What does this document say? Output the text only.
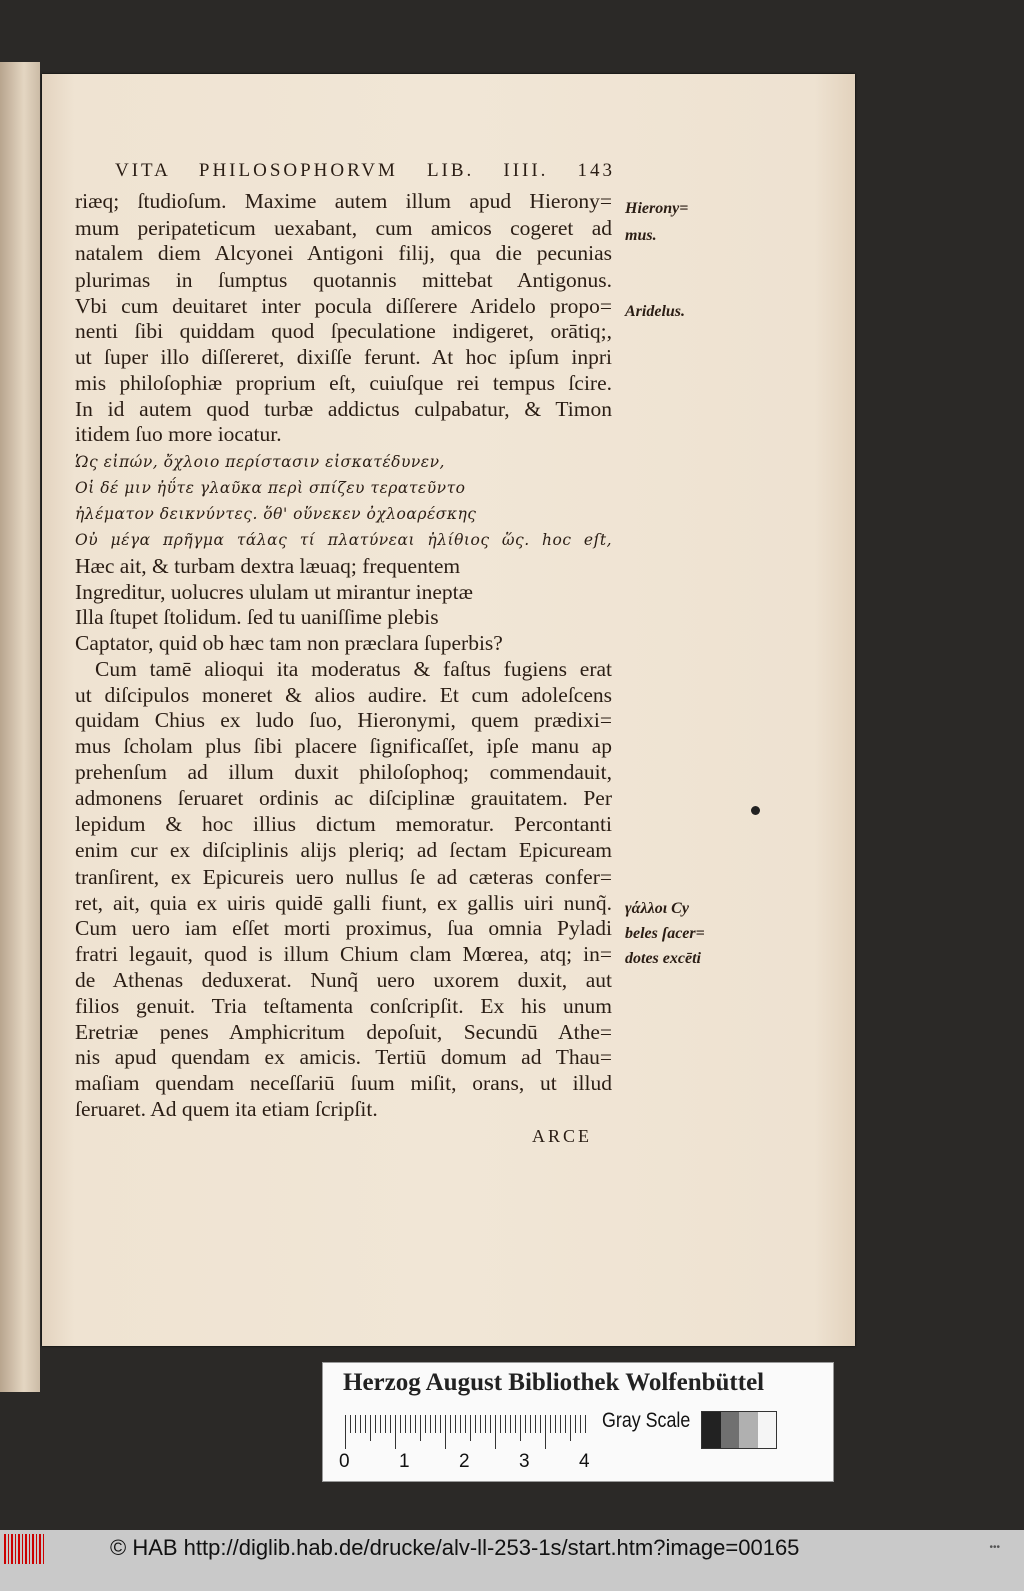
VITA PHILOSOPHORVM LIB. IIII. 143
riæq; ſtudioſum. Maxime autem illum apud Hierony=
mum peripateticum uexabant, cum amicos cogeret ad
natalem diem Alcyonei Antigoni filij, qua die pecunias
plurimas in ſumptus quotannis mittebat Antigonus.
Vbi cum deuitaret inter pocula diſſerere Aridelo propo=
nenti ſibi quiddam quod ſpeculatione indigeret, orātiq;,
ut ſuper illo diſſereret, dixiſſe ferunt. At hoc ipſum inpri
mis philoſophiæ proprium eſt, cuiuſque rei tempus ſcire.
In id autem quod turbæ addictus culpabatur, & Timon
itidem ſuo more iocatur.
Ὡς εἰπών, ὄχλοιο περίστασιν εἰσκατέδυνεν,
Οἱ δέ μιν ἠΰτε γλαῦκα περὶ σπίζευ τερατεῦντο
ἠλέματον δεικνύντες. ὅθ' οὕνεκεν ὀχλοαρέσκης
Οὐ μέγα πρῆγμα τάλας τί πλατύνεαι ἠλίθιος ὥς. hoc eſt,
Hæc ait, & turbam dextra læuaq; frequentem
Ingreditur, uolucres ululam ut mirantur ineptæ
Illa ſtupet ſtolidum. ſed tu uaniſſime plebis
Captator, quid ob hæc tam non præclara ſuperbis?
Cum tamē alioqui ita moderatus & faſtus fugiens erat
ut diſcipulos moneret & alios audire. Et cum adoleſcens
quidam Chius ex ludo ſuo, Hieronymi, quem prædixi=
mus ſcholam plus ſibi placere ſignificaſſet, ipſe manu ap
prehenſum ad illum duxit philoſophoq; commendauit,
admonens ſeruaret ordinis ac diſciplinæ grauitatem. Per
lepidum & hoc illius dictum memoratur. Percontanti
enim cur ex diſciplinis alijs pleriq; ad ſectam Epicuream
tranſirent, ex Epicureis uero nullus ſe ad cæteras confer=
ret, ait, quia ex uiris quidē galli fiunt, ex gallis uiri nunq̃.
Cum uero iam eſſet morti proximus, ſua omnia Pyladi
fratri legauit, quod is illum Chium clam Mœrea, atq; in=
de Athenas deduxerat. Nunq̃ uero uxorem duxit, aut
filios genuit. Tria teſtamenta conſcripſit. Ex his unum
Eretriæ penes Amphicritum depoſuit, Secundū Athe=
nis apud quendam ex amicis. Tertiū domum ad Thau=
maſiam quendam neceſſariū ſuum miſit, orans, ut illud
ſeruaret. Ad quem ita etiam ſcripſit.
Hierony=
mus.
Aridelus.
γάλλοι Cy
beles ſacer=
dotes excēti
ARCE
Herzog August Bibliothek Wolfenbüttel
0	1	2	3	4
Gray Scale
© HAB http://diglib.hab.de/drucke/alv-ll-253-1s/start.htm?image=00165	•••
